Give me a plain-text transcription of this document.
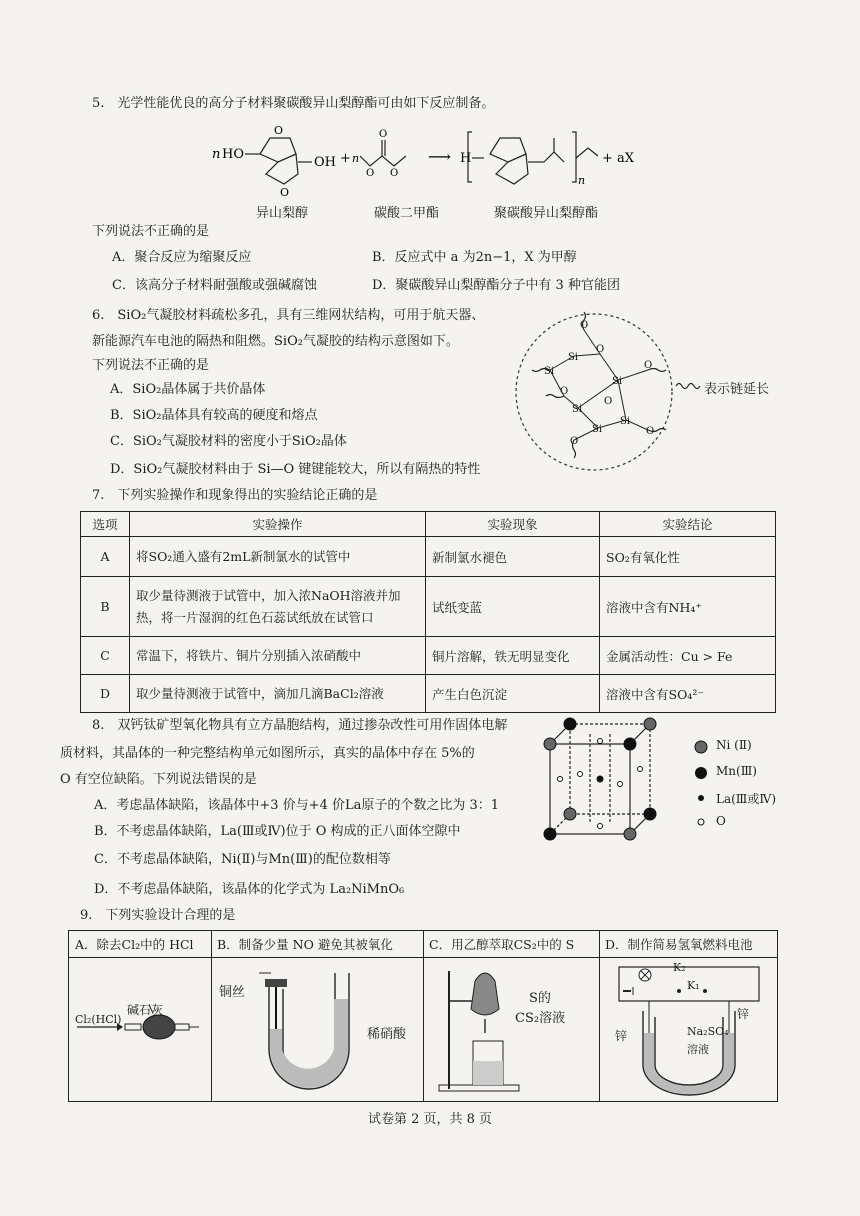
5.　光学性能优良的高分子材料聚碳酸异山梨醇酯可由如下反应制备。
n HO
O
O
OH + n
O
O O
⟶ H
n
+ aX
异山梨醇	碳酸二甲酯	聚碳酸异山梨醇酯
下列说法不正确的是
A．聚合反应为缩聚反应	B．反应式中 a 为2n−1，X 为甲醇
C．该高分子材料耐强酸或强碱腐蚀	D．聚碳酸异山梨醇酯分子中有 3 种官能团
6.　SiO₂气凝胶材料疏松多孔，具有三维网状结构，可用于航天器、
新能源汽车电池的隔热和阻燃。SiO₂气凝胶的结构示意图如下。
下列说法不正确的是
A．SiO₂晶体属于共价晶体
B．SiO₂晶体具有较高的硬度和熔点
C．SiO₂气凝胶材料的密度小于SiO₂晶体
D．SiO₂气凝胶材料由于 Si—O 键键能较大，所以有隔热的特性
Si
Si
Si
Si
Si
Si
O
O
O
O
O
O
O
表示链延长
7.　下列实验操作和现象得出的实验结论正确的是
选项	实验操作	实验现象	实验结论
A	将SO₂通入盛有2mL新制氯水的试管中	新制氯水褪色	SO₂有氧化性
B	取少量待测液于试管中，加入浓NaOH溶液并加热，将一片湿润的红色石蕊试纸放在试管口	试纸变蓝	溶液中含有NH₄⁺
C	常温下，将铁片、铜片分别插入浓硝酸中	铜片溶解，铁无明显变化	金属活动性：Cu > Fe
D	取少量待测液于试管中，滴加几滴BaCl₂溶液	产生白色沉淀	溶液中含有SO₄²⁻
8.　双钙钛矿型氧化物具有立方晶胞结构，通过掺杂改性可用作固体电解
质材料，其晶体的一种完整结构单元如图所示，真实的晶体中存在 5%的
O 有空位缺陷。下列说法错误的是
A．考虑晶体缺陷，该晶体中+3 价与+4 价La原子的个数之比为 3：1
B．不考虑晶体缺陷，La(Ⅲ或Ⅳ)位于 O 构成的正八面体空隙中
C．不考虑晶体缺陷，Ni(Ⅱ)与Mn(Ⅲ)的配位数相等
D．不考虑晶体缺陷，该晶体的化学式为 La₂NiMnO₆
Ni (Ⅱ)
Mn(Ⅲ)
La(Ⅲ或Ⅳ)
O
9.　下列实验设计合理的是
A．除去Cl₂中的 HCl B．制备少量 NO 避免其被氧化	C．用乙醇萃取CS₂中的 S D．制作简易氢氧燃料电池
碱石灰
Cl₂(HCl)
铜丝
稀硝酸
S的
CS₂溶液
K₂
K₁
锌
锌
Na₂SO₄
溶液
试卷第 2 页，共 8 页
